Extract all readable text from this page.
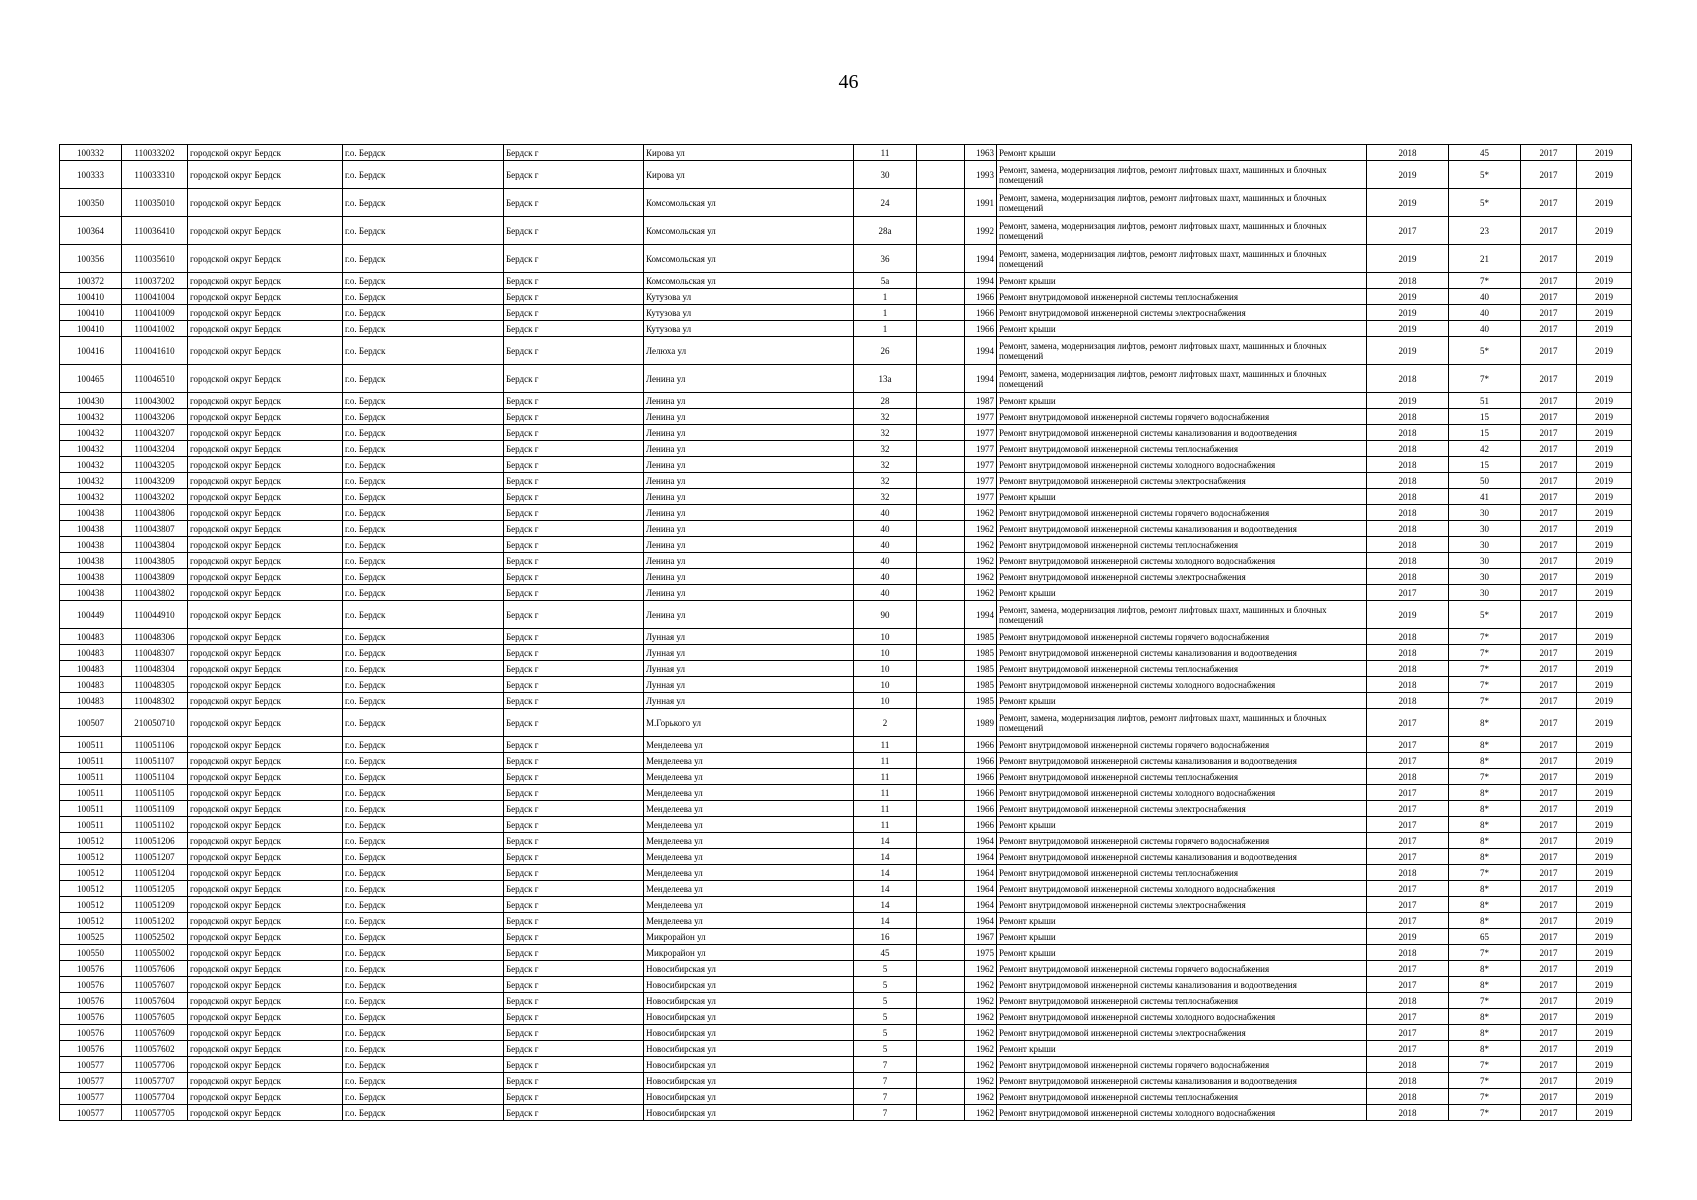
46
100332	110033202	городской округ Бердск	г.о. Бердск	Бердск г	Кирова ул	11		1963	Ремонт крыши	2018	45	2017	2019
100333	110033310	городской округ Бердск	г.о. Бердск	Бердск г	Кирова ул	30		1993	Ремонт, замена, модернизация лифтов, ремонт лифтовых шахт, машинных и блочных помещений	2019	5*	2017	2019
100350	110035010	городской округ Бердск	г.о. Бердск	Бердск г	Комсомольская ул	24		1991	Ремонт, замена, модернизация лифтов, ремонт лифтовых шахт, машинных и блочных помещений	2019	5*	2017	2019
100364	110036410	городской округ Бердск	г.о. Бердск	Бердск г	Комсомольская ул	28а		1992	Ремонт, замена, модернизация лифтов, ремонт лифтовых шахт, машинных и блочных помещений	2017	23	2017	2019
100356	110035610	городской округ Бердск	г.о. Бердск	Бердск г	Комсомольская ул	36		1994	Ремонт, замена, модернизация лифтов, ремонт лифтовых шахт, машинных и блочных помещений	2019	21	2017	2019
100372	110037202	городской округ Бердск	г.о. Бердск	Бердск г	Комсомольская ул	5а		1994	Ремонт крыши	2018	7*	2017	2019
100410	110041004	городской округ Бердск	г.о. Бердск	Бердск г	Кутузова ул	1		1966	Ремонт внутридомовой инженерной системы теплоснабжения	2019	40	2017	2019
100410	110041009	городской округ Бердск	г.о. Бердск	Бердск г	Кутузова ул	1		1966	Ремонт внутридомовой инженерной системы электроснабжения	2019	40	2017	2019
100410	110041002	городской округ Бердск	г.о. Бердск	Бердск г	Кутузова ул	1		1966	Ремонт крыши	2019	40	2017	2019
100416	110041610	городской округ Бердск	г.о. Бердск	Бердск г	Лелюха ул	26		1994	Ремонт, замена, модернизация лифтов, ремонт лифтовых шахт, машинных и блочных помещений	2019	5*	2017	2019
100465	110046510	городской округ Бердск	г.о. Бердск	Бердск г	Ленина ул	13а		1994	Ремонт, замена, модернизация лифтов, ремонт лифтовых шахт, машинных и блочных помещений	2018	7*	2017	2019
100430	110043002	городской округ Бердск	г.о. Бердск	Бердск г	Ленина ул	28		1987	Ремонт крыши	2019	51	2017	2019
100432	110043206	городской округ Бердск	г.о. Бердск	Бердск г	Ленина ул	32		1977	Ремонт внутридомовой инженерной системы горячего водоснабжения	2018	15	2017	2019
100432	110043207	городской округ Бердск	г.о. Бердск	Бердск г	Ленина ул	32		1977	Ремонт внутридомовой инженерной системы канализования и водоотведения	2018	15	2017	2019
100432	110043204	городской округ Бердск	г.о. Бердск	Бердск г	Ленина ул	32		1977	Ремонт внутридомовой инженерной системы теплоснабжения	2018	42	2017	2019
100432	110043205	городской округ Бердск	г.о. Бердск	Бердск г	Ленина ул	32		1977	Ремонт внутридомовой инженерной системы холодного водоснабжения	2018	15	2017	2019
100432	110043209	городской округ Бердск	г.о. Бердск	Бердск г	Ленина ул	32		1977	Ремонт внутридомовой инженерной системы электроснабжения	2018	50	2017	2019
100432	110043202	городской округ Бердск	г.о. Бердск	Бердск г	Ленина ул	32		1977	Ремонт крыши	2018	41	2017	2019
100438	110043806	городской округ Бердск	г.о. Бердск	Бердск г	Ленина ул	40		1962	Ремонт внутридомовой инженерной системы горячего водоснабжения	2018	30	2017	2019
100438	110043807	городской округ Бердск	г.о. Бердск	Бердск г	Ленина ул	40		1962	Ремонт внутридомовой инженерной системы канализования и водоотведения	2018	30	2017	2019
100438	110043804	городской округ Бердск	г.о. Бердск	Бердск г	Ленина ул	40		1962	Ремонт внутридомовой инженерной системы теплоснабжения	2018	30	2017	2019
100438	110043805	городской округ Бердск	г.о. Бердск	Бердск г	Ленина ул	40		1962	Ремонт внутридомовой инженерной системы холодного водоснабжения	2018	30	2017	2019
100438	110043809	городской округ Бердск	г.о. Бердск	Бердск г	Ленина ул	40		1962	Ремонт внутридомовой инженерной системы электроснабжения	2018	30	2017	2019
100438	110043802	городской округ Бердск	г.о. Бердск	Бердск г	Ленина ул	40		1962	Ремонт крыши	2017	30	2017	2019
100449	110044910	городской округ Бердск	г.о. Бердск	Бердск г	Ленина ул	90		1994	Ремонт, замена, модернизация лифтов, ремонт лифтовых шахт, машинных и блочных помещений	2019	5*	2017	2019
100483	110048306	городской округ Бердск	г.о. Бердск	Бердск г	Лунная ул	10		1985	Ремонт внутридомовой инженерной системы горячего водоснабжения	2018	7*	2017	2019
100483	110048307	городской округ Бердск	г.о. Бердск	Бердск г	Лунная ул	10		1985	Ремонт внутридомовой инженерной системы канализования и водоотведения	2018	7*	2017	2019
100483	110048304	городской округ Бердск	г.о. Бердск	Бердск г	Лунная ул	10		1985	Ремонт внутридомовой инженерной системы теплоснабжения	2018	7*	2017	2019
100483	110048305	городской округ Бердск	г.о. Бердск	Бердск г	Лунная ул	10		1985	Ремонт внутридомовой инженерной системы холодного водоснабжения	2018	7*	2017	2019
100483	110048302	городской округ Бердск	г.о. Бердск	Бердск г	Лунная ул	10		1985	Ремонт крыши	2018	7*	2017	2019
100507	210050710	городской округ Бердск	г.о. Бердск	Бердск г	М.Горького ул	2		1989	Ремонт, замена, модернизация лифтов, ремонт лифтовых шахт, машинных и блочных помещений	2017	8*	2017	2019
100511	110051106	городской округ Бердск	г.о. Бердск	Бердск г	Менделеева ул	11		1966	Ремонт внутридомовой инженерной системы горячего водоснабжения	2017	8*	2017	2019
100511	110051107	городской округ Бердск	г.о. Бердск	Бердск г	Менделеева ул	11		1966	Ремонт внутридомовой инженерной системы канализования и водоотведения	2017	8*	2017	2019
100511	110051104	городской округ Бердск	г.о. Бердск	Бердск г	Менделеева ул	11		1966	Ремонт внутридомовой инженерной системы теплоснабжения	2018	7*	2017	2019
100511	110051105	городской округ Бердск	г.о. Бердск	Бердск г	Менделеева ул	11		1966	Ремонт внутридомовой инженерной системы холодного водоснабжения	2017	8*	2017	2019
100511	110051109	городской округ Бердск	г.о. Бердск	Бердск г	Менделеева ул	11		1966	Ремонт внутридомовой инженерной системы электроснабжения	2017	8*	2017	2019
100511	110051102	городской округ Бердск	г.о. Бердск	Бердск г	Менделеева ул	11		1966	Ремонт крыши	2017	8*	2017	2019
100512	110051206	городской округ Бердск	г.о. Бердск	Бердск г	Менделеева ул	14		1964	Ремонт внутридомовой инженерной системы горячего водоснабжения	2017	8*	2017	2019
100512	110051207	городской округ Бердск	г.о. Бердск	Бердск г	Менделеева ул	14		1964	Ремонт внутридомовой инженерной системы канализования и водоотведения	2017	8*	2017	2019
100512	110051204	городской округ Бердск	г.о. Бердск	Бердск г	Менделеева ул	14		1964	Ремонт внутридомовой инженерной системы теплоснабжения	2018	7*	2017	2019
100512	110051205	городской округ Бердск	г.о. Бердск	Бердск г	Менделеева ул	14		1964	Ремонт внутридомовой инженерной системы холодного водоснабжения	2017	8*	2017	2019
100512	110051209	городской округ Бердск	г.о. Бердск	Бердск г	Менделеева ул	14		1964	Ремонт внутридомовой инженерной системы электроснабжения	2017	8*	2017	2019
100512	110051202	городской округ Бердск	г.о. Бердск	Бердск г	Менделеева ул	14		1964	Ремонт крыши	2017	8*	2017	2019
100525	110052502	городской округ Бердск	г.о. Бердск	Бердск г	Микрорайон ул	16		1967	Ремонт крыши	2019	65	2017	2019
100550	110055002	городской округ Бердск	г.о. Бердск	Бердск г	Микрорайон ул	45		1975	Ремонт крыши	2018	7*	2017	2019
100576	110057606	городской округ Бердск	г.о. Бердск	Бердск г	Новосибирская ул	5		1962	Ремонт внутридомовой инженерной системы горячего водоснабжения	2017	8*	2017	2019
100576	110057607	городской округ Бердск	г.о. Бердск	Бердск г	Новосибирская ул	5		1962	Ремонт внутридомовой инженерной системы канализования и водоотведения	2017	8*	2017	2019
100576	110057604	городской округ Бердск	г.о. Бердск	Бердск г	Новосибирская ул	5		1962	Ремонт внутридомовой инженерной системы теплоснабжения	2018	7*	2017	2019
100576	110057605	городской округ Бердск	г.о. Бердск	Бердск г	Новосибирская ул	5		1962	Ремонт внутридомовой инженерной системы холодного водоснабжения	2017	8*	2017	2019
100576	110057609	городской округ Бердск	г.о. Бердск	Бердск г	Новосибирская ул	5		1962	Ремонт внутридомовой инженерной системы электроснабжения	2017	8*	2017	2019
100576	110057602	городской округ Бердск	г.о. Бердск	Бердск г	Новосибирская ул	5		1962	Ремонт крыши	2017	8*	2017	2019
100577	110057706	городской округ Бердск	г.о. Бердск	Бердск г	Новосибирская ул	7		1962	Ремонт внутридомовой инженерной системы горячего водоснабжения	2018	7*	2017	2019
100577	110057707	городской округ Бердск	г.о. Бердск	Бердск г	Новосибирская ул	7		1962	Ремонт внутридомовой инженерной системы канализования и водоотведения	2018	7*	2017	2019
100577	110057704	городской округ Бердск	г.о. Бердск	Бердск г	Новосибирская ул	7		1962	Ремонт внутридомовой инженерной системы теплоснабжения	2018	7*	2017	2019
100577	110057705	городской округ Бердск	г.о. Бердск	Бердск г	Новосибирская ул	7		1962	Ремонт внутридомовой инженерной системы холодного водоснабжения	2018	7*	2017	2019
